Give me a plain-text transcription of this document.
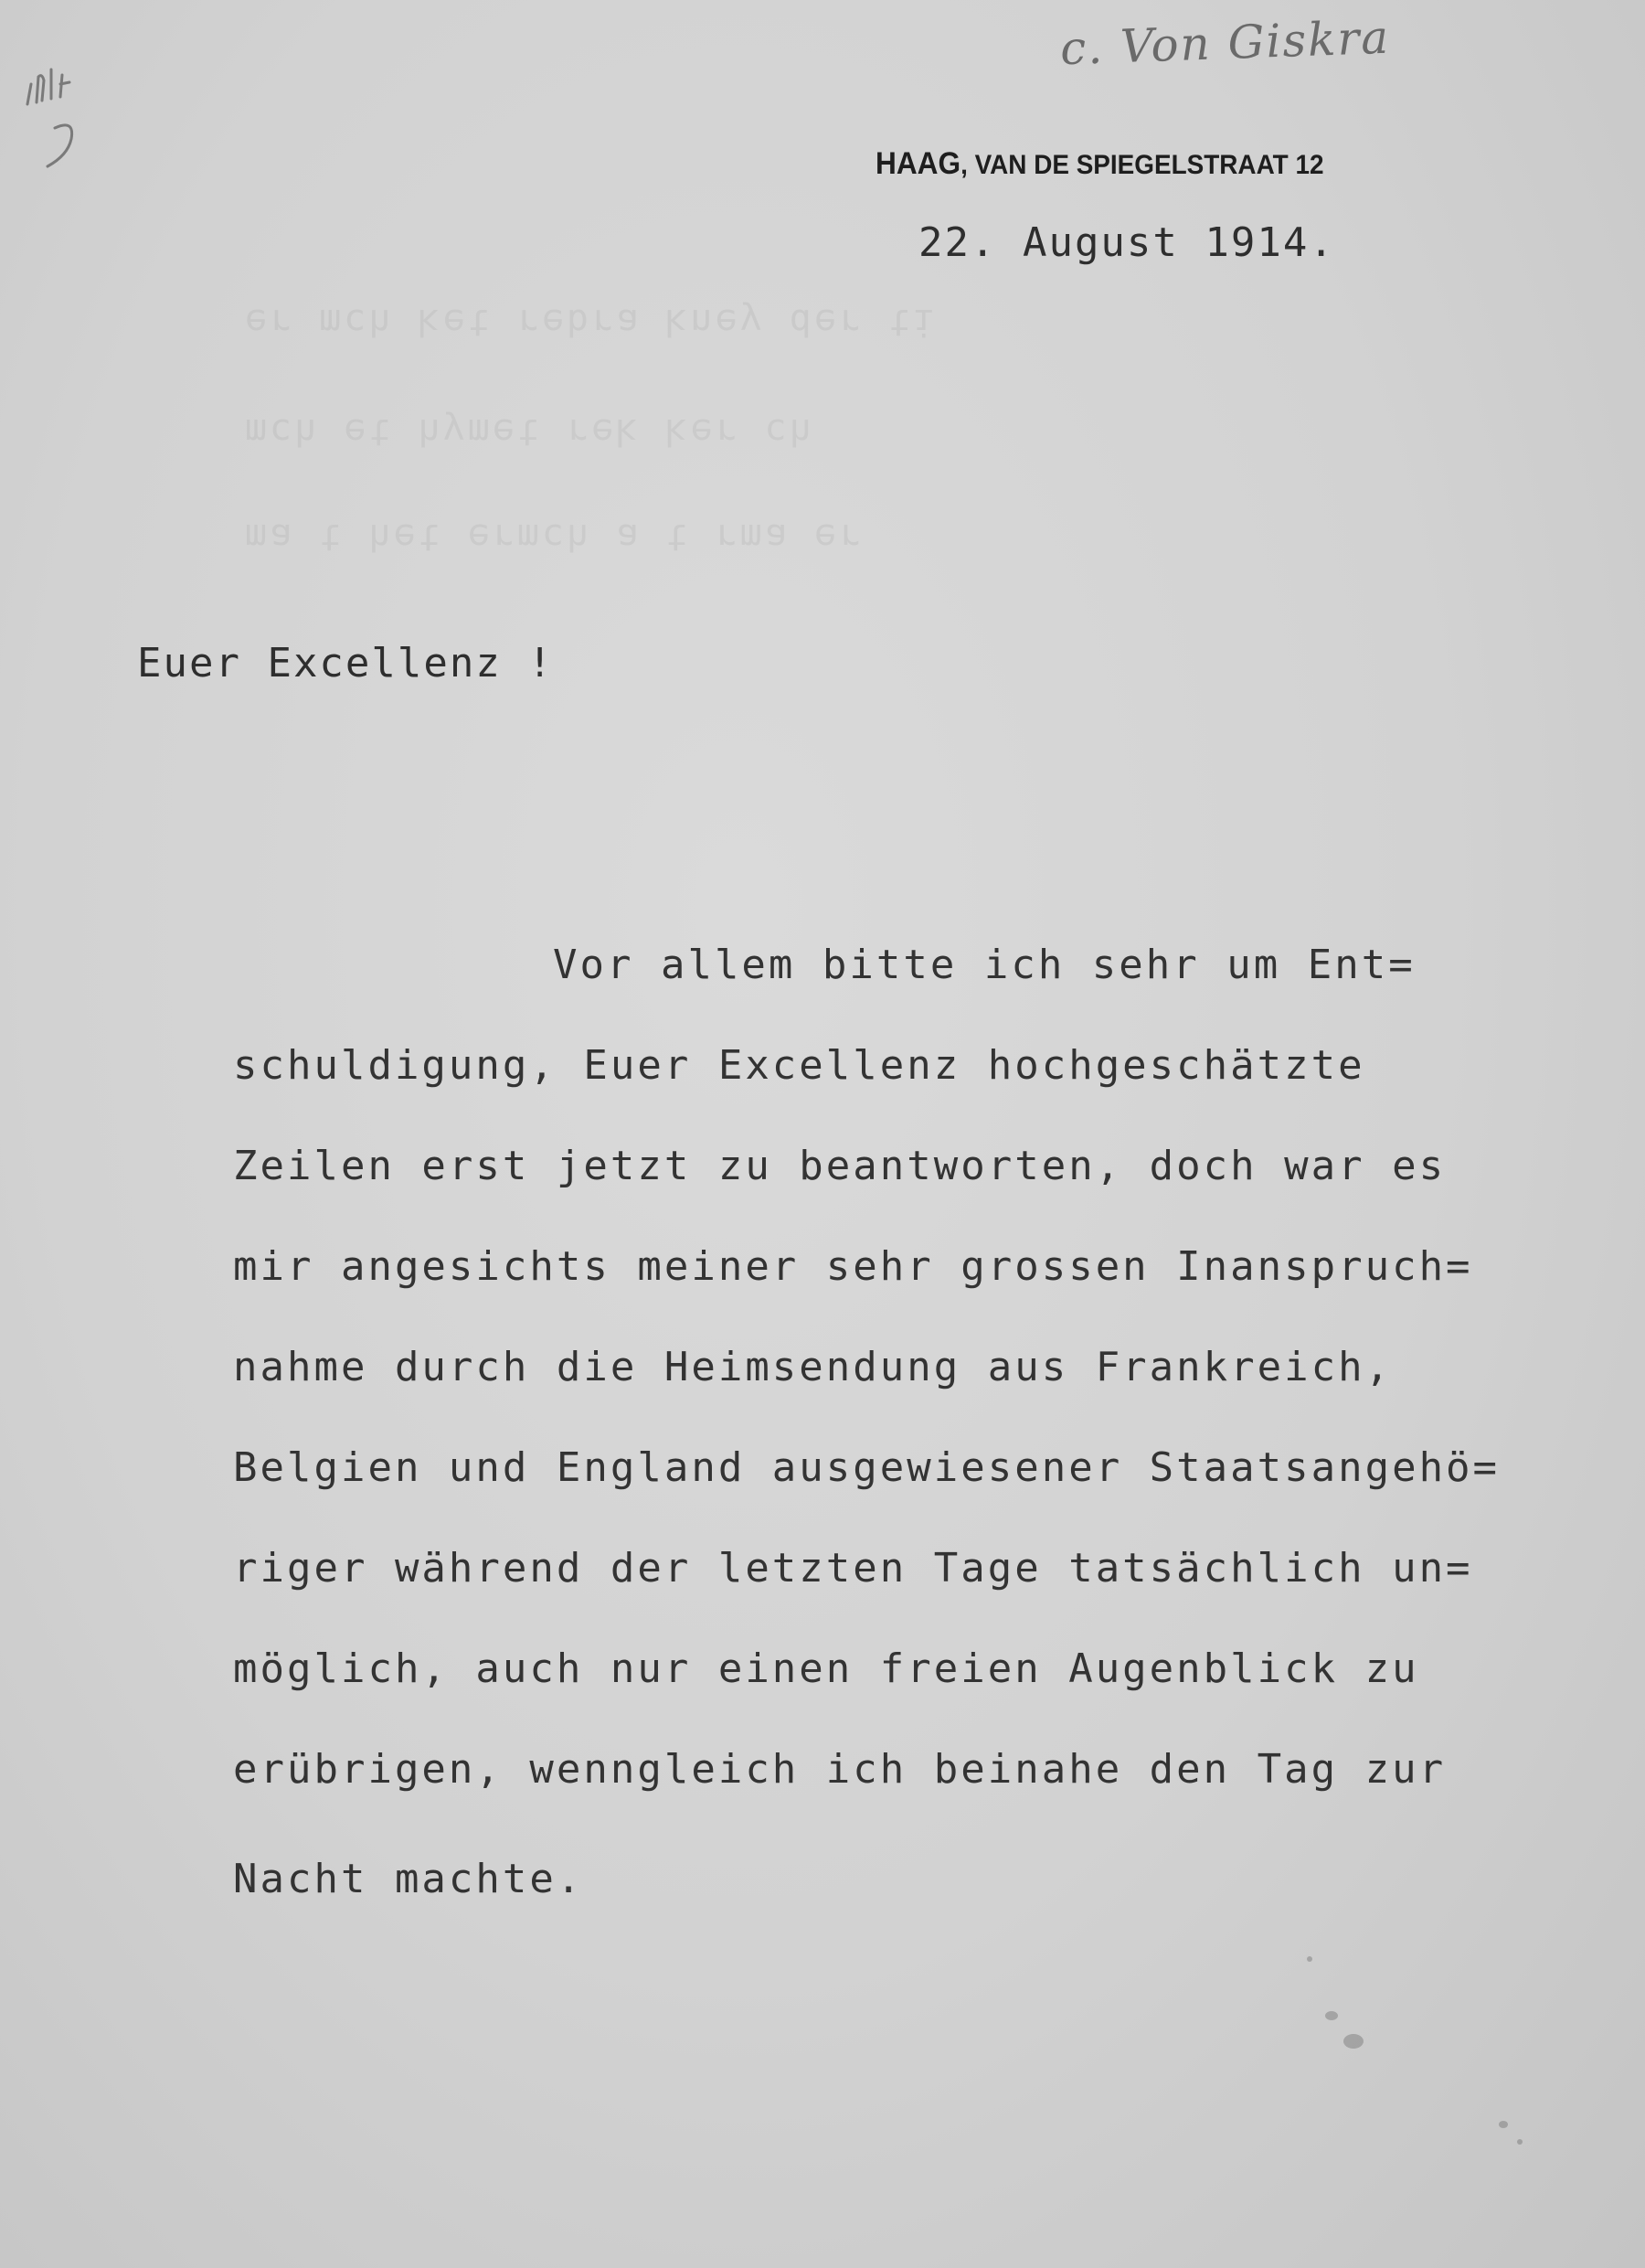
ᴉʇ ɹǝp ʎǝuʞ ɐɹqǝɹ ʇǝʞ ɥɔɯ ɹǝ
ɥɔ ɹǝʞ ʞǝɹ ʇǝɯʎɥ ʇǝ ɥɔɯ
ɹǝ ɐɯɹ ʇ ɐ ɥɔɯɹǝ ʇǝɥ ʇ ɐɯ
c. Von Giskra
HAAG, VAN DE SPIEGELSTRAAT 12
22. August 1914.
Euer Excellenz !
Vor allem bitte ich sehr um Ent=
schuldigung, Euer Excellenz hochgeschätzte
Zeilen erst jetzt zu beantworten, doch war es
mir angesichts meiner sehr grossen Inanspruch=
nahme durch die Heimsendung aus Frankreich,
Belgien und England ausgewiesener Staatsangehö=
riger während der letzten Tage tatsächlich un=
möglich, auch nur einen freien Augenblick zu
erübrigen, wenngleich ich beinahe den Tag zur
Nacht machte.
